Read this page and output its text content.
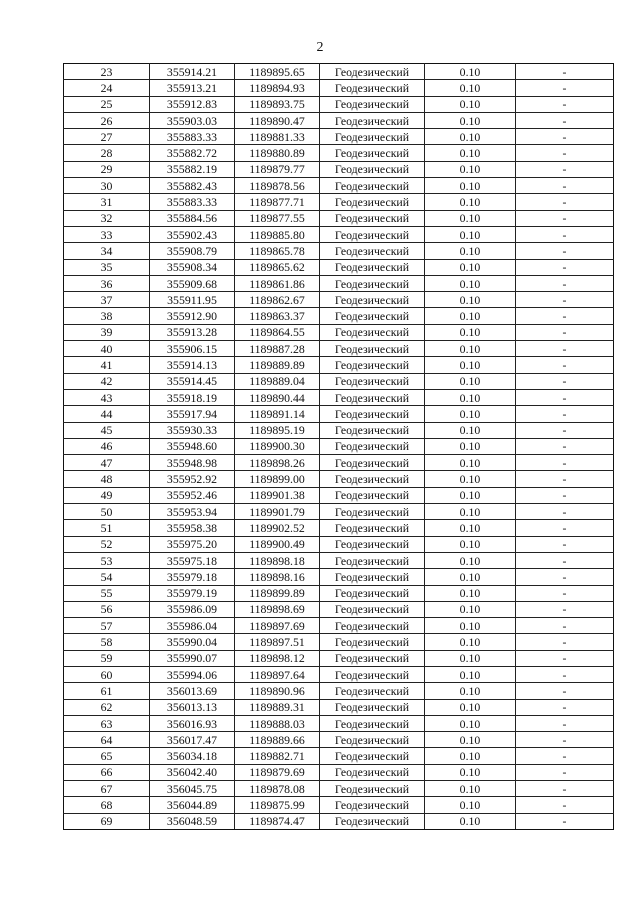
2
23	355914.21	1189895.65	Геодезический	0.10	-
24	355913.21	1189894.93	Геодезический	0.10	-
25	355912.83	1189893.75	Геодезический	0.10	-
26	355903.03	1189890.47	Геодезический	0.10	-
27	355883.33	1189881.33	Геодезический	0.10	-
28	355882.72	1189880.89	Геодезический	0.10	-
29	355882.19	1189879.77	Геодезический	0.10	-
30	355882.43	1189878.56	Геодезический	0.10	-
31	355883.33	1189877.71	Геодезический	0.10	-
32	355884.56	1189877.55	Геодезический	0.10	-
33	355902.43	1189885.80	Геодезический	0.10	-
34	355908.79	1189865.78	Геодезический	0.10	-
35	355908.34	1189865.62	Геодезический	0.10	-
36	355909.68	1189861.86	Геодезический	0.10	-
37	355911.95	1189862.67	Геодезический	0.10	-
38	355912.90	1189863.37	Геодезический	0.10	-
39	355913.28	1189864.55	Геодезический	0.10	-
40	355906.15	1189887.28	Геодезический	0.10	-
41	355914.13	1189889.89	Геодезический	0.10	-
42	355914.45	1189889.04	Геодезический	0.10	-
43	355918.19	1189890.44	Геодезический	0.10	-
44	355917.94	1189891.14	Геодезический	0.10	-
45	355930.33	1189895.19	Геодезический	0.10	-
46	355948.60	1189900.30	Геодезический	0.10	-
47	355948.98	1189898.26	Геодезический	0.10	-
48	355952.92	1189899.00	Геодезический	0.10	-
49	355952.46	1189901.38	Геодезический	0.10	-
50	355953.94	1189901.79	Геодезический	0.10	-
51	355958.38	1189902.52	Геодезический	0.10	-
52	355975.20	1189900.49	Геодезический	0.10	-
53	355975.18	1189898.18	Геодезический	0.10	-
54	355979.18	1189898.16	Геодезический	0.10	-
55	355979.19	1189899.89	Геодезический	0.10	-
56	355986.09	1189898.69	Геодезический	0.10	-
57	355986.04	1189897.69	Геодезический	0.10	-
58	355990.04	1189897.51	Геодезический	0.10	-
59	355990.07	1189898.12	Геодезический	0.10	-
60	355994.06	1189897.64	Геодезический	0.10	-
61	356013.69	1189890.96	Геодезический	0.10	-
62	356013.13	1189889.31	Геодезический	0.10	-
63	356016.93	1189888.03	Геодезический	0.10	-
64	356017.47	1189889.66	Геодезический	0.10	-
65	356034.18	1189882.71	Геодезический	0.10	-
66	356042.40	1189879.69	Геодезический	0.10	-
67	356045.75	1189878.08	Геодезический	0.10	-
68	356044.89	1189875.99	Геодезический	0.10	-
69	356048.59	1189874.47	Геодезический	0.10	-
